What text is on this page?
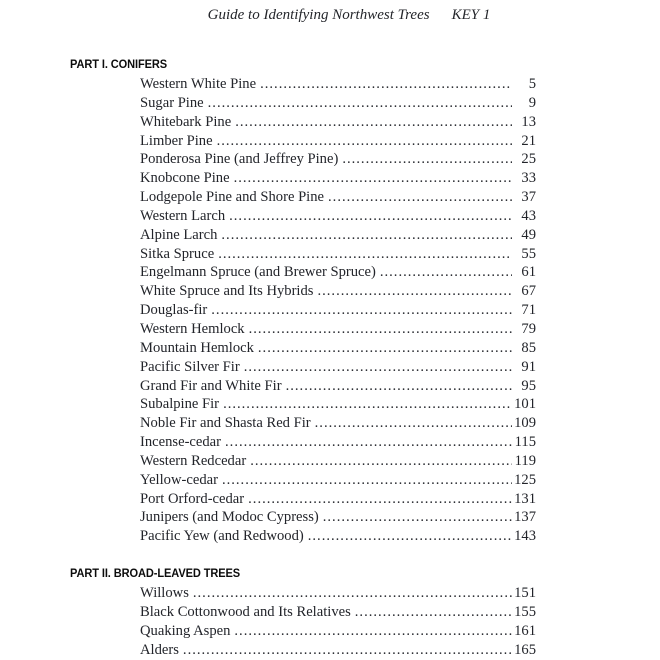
Guide to Identifying Northwest Trees KEY 1
PART I. CONIFERS
Western White Pine .....	5
Sugar Pine .....	9
Whitebark Pine .....	13
Limber Pine .....	21
Ponderosa Pine (and Jeffrey Pine) .....	25
Knobcone Pine .....	33
Lodgepole Pine and Shore Pine .....	37
Western Larch .....	43
Alpine Larch .....	49
Sitka Spruce .....	55
Engelmann Spruce (and Brewer Spruce) .....	61
White Spruce and Its Hybrids .....	67
Douglas-fir .....	71
Western Hemlock .....	79
Mountain Hemlock .....	85
Pacific Silver Fir .....	91
Grand Fir and White Fir .....	95
Subalpine Fir .....	101
Noble Fir and Shasta Red Fir .....	109
Incense-cedar .....	115
Western Redcedar .....	119
Yellow-cedar .....	125
Port Orford-cedar .....	131
Junipers (and Modoc Cypress) .....	137
Pacific Yew (and Redwood) .....	143
PART II. BROAD-LEAVED TREES
Willows .....	151
Black Cottonwood and Its Relatives .....	155
Quaking Aspen .....	161
Alders .....	165
